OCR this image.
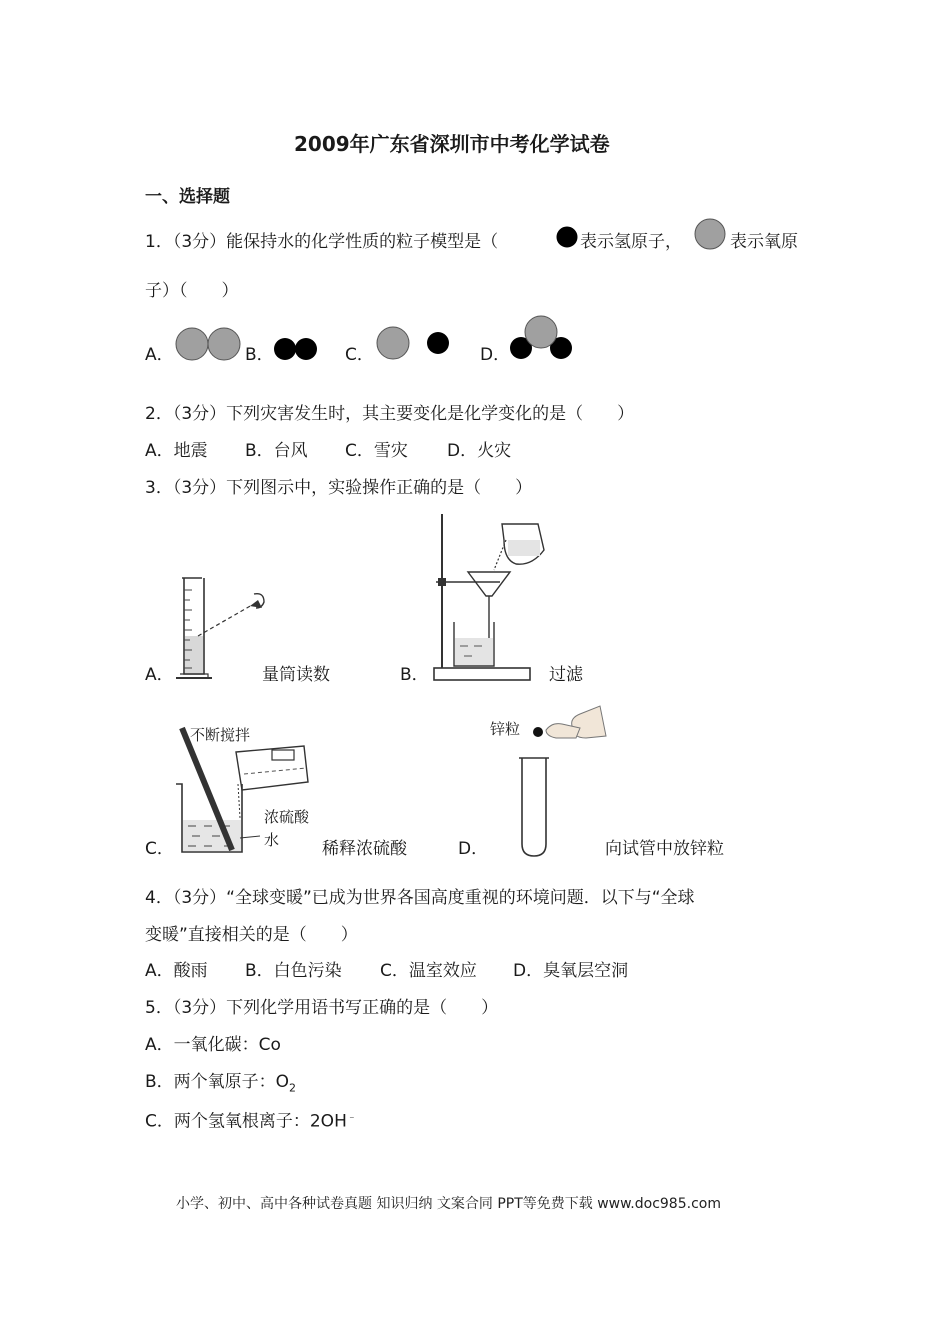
2009年广东省深圳市中考化学试卷
一、选择题
1．（3分）能保持水的化学性质的粒子模型是（	表示氢原子，	表示氧原
子）（　　）
A．	B．	C．	D．
2．（3分）下列灾害发生时，其主要变化是化学变化的是（　　）
A．地震 B．台风 C．雪灾 D．火灾
3．（3分）下列图示中，实验操作正确的是（　　）
A．	量筒读数	B．	过滤
C．
不断搅拌
浓硫酸
水	稀释浓硫酸	D．
锌粒
向试管中放锌粒
4．（3分）“全球变暖”已成为世界各国高度重视的环境问题．以下与“全球
变暖”直接相关的是（　　）
A．酸雨 B．白色污染 C．温室效应 D．臭氧层空洞
5．（3分）下列化学用语书写正确的是（　　）
A．一氧化碳：Co
B．两个氧原子：$O_2$
C．两个氢氧根离子：2OH﹣
小学、初中、高中各种试卷真题 知识归纳 文案合同 PPT等免费下载 www.doc985.com
